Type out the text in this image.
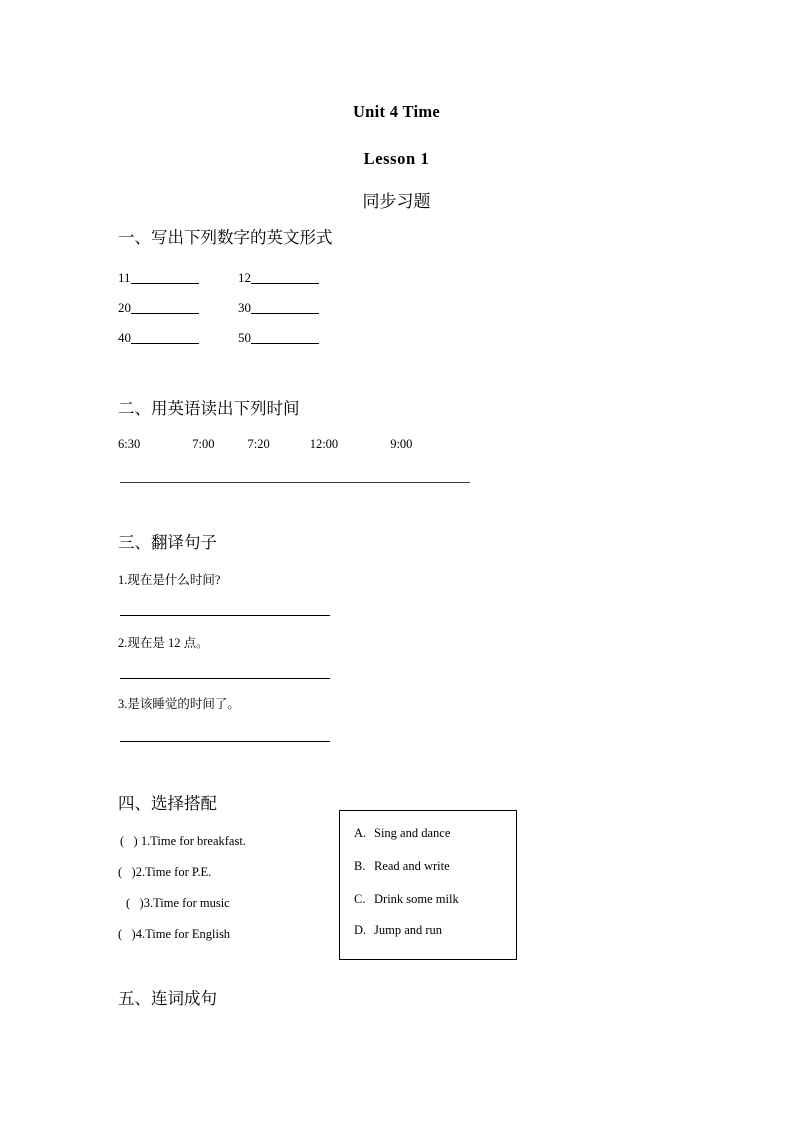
Unit 4 Time
Lesson 1
同步习题
一、写出下列数字的英文形式
11	12
20	30
40	50
二、用英语读出下列时间
6:30	7:00	7:20	12:00	9:00
三、翻译句子
1.现在是什么时间?
2.现在是 12 点。
3.是该睡觉的时间了。
四、选择搭配
( ) 1.Time for breakfast.
( )2.Time for P.E.
( )3.Time for music
( )4.Time for English
A. Sing and dance
B. Read and write
C. Drink some milk
D. Jump and run
五、连词成句
